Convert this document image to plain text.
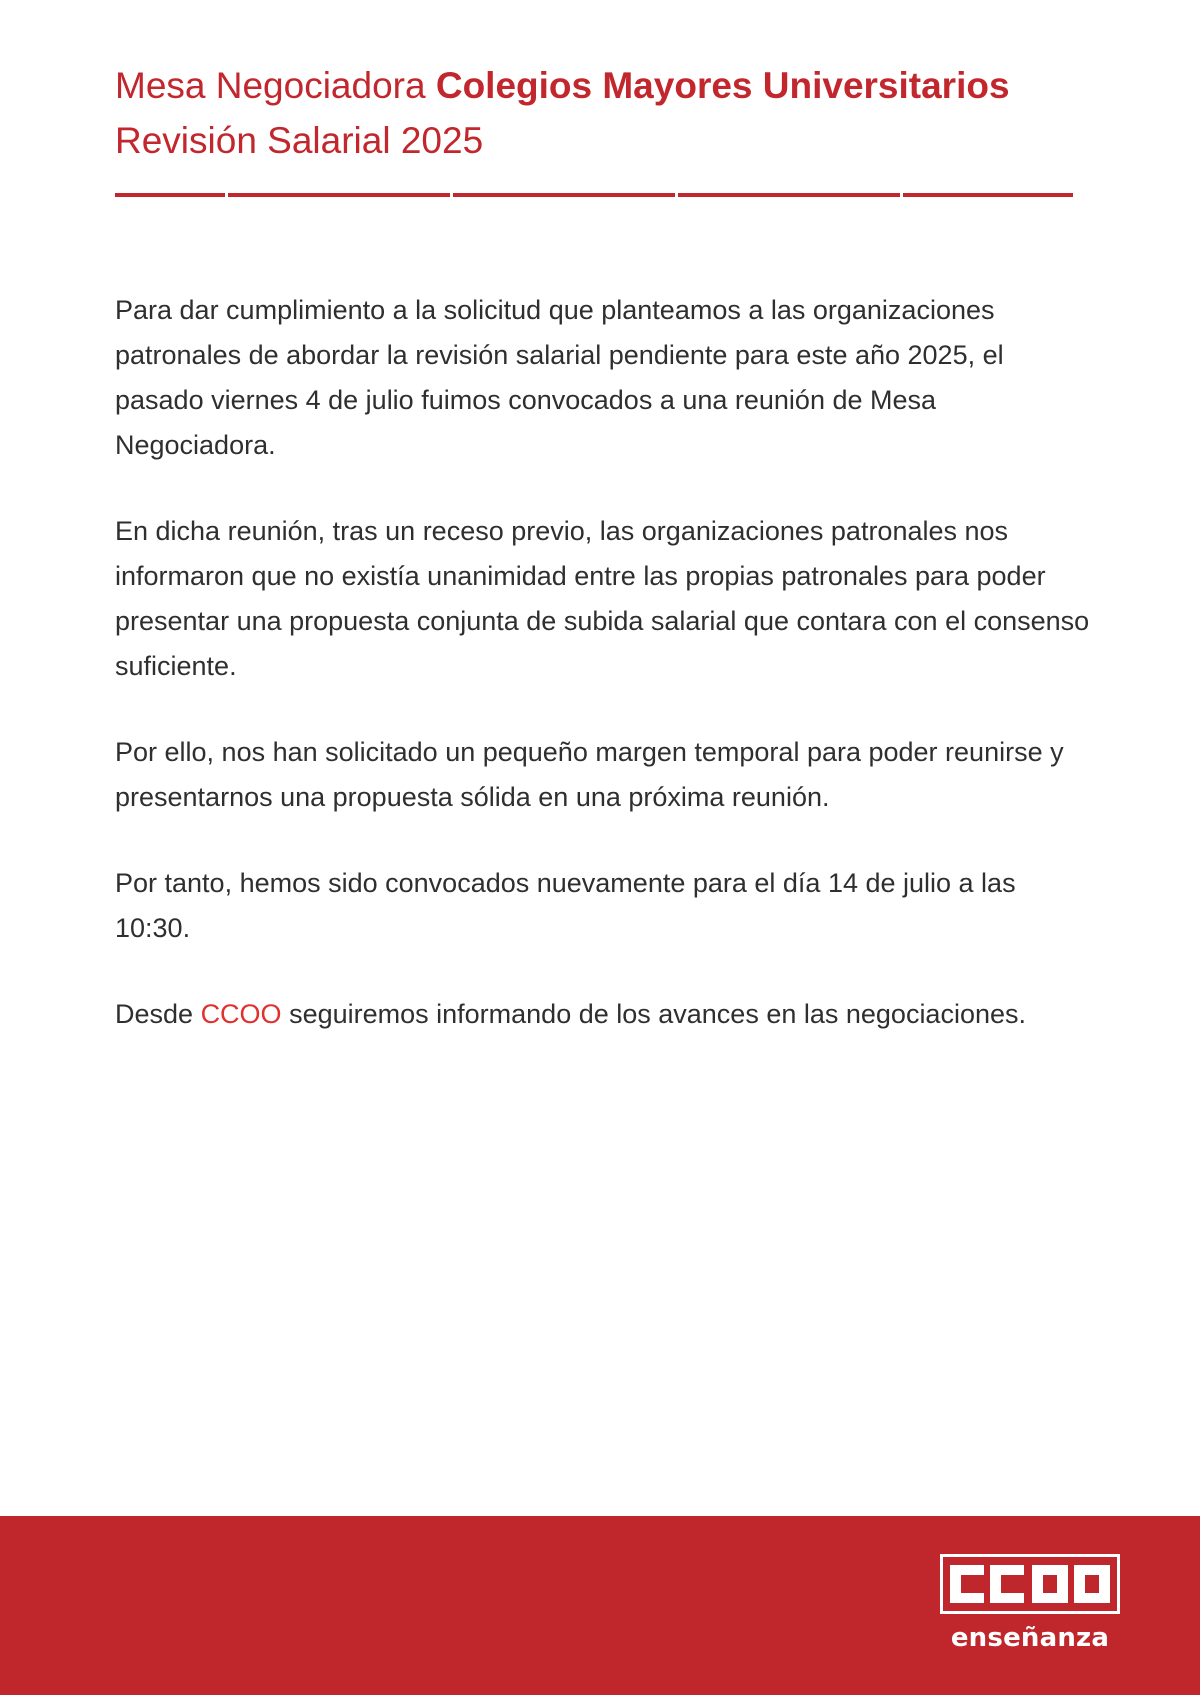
Mesa Negociadora Colegios Mayores Universitarios Revisión Salarial 2025

Para dar cumplimiento a la solicitud que planteamos a las organizaciones patronales de abordar la revisión salarial pendiente para este año 2025, el pasado viernes 4 de julio fuimos convocados a una reunión de Mesa Negociadora.

En dicha reunión, tras un receso previo, las organizaciones patronales nos informaron que no existía unanimidad entre las propias patronales para poder presentar una propuesta conjunta de subida salarial que contara con el consenso suficiente.

Por ello, nos han solicitado un pequeño margen temporal para poder reunirse y presentarnos una propuesta sólida en una próxima reunión.

Por tanto, hemos sido convocados nuevamente para el día 14 de julio a las 10:30.

Desde CCOO seguiremos informando de los avances en las negociaciones.

enseñanza
